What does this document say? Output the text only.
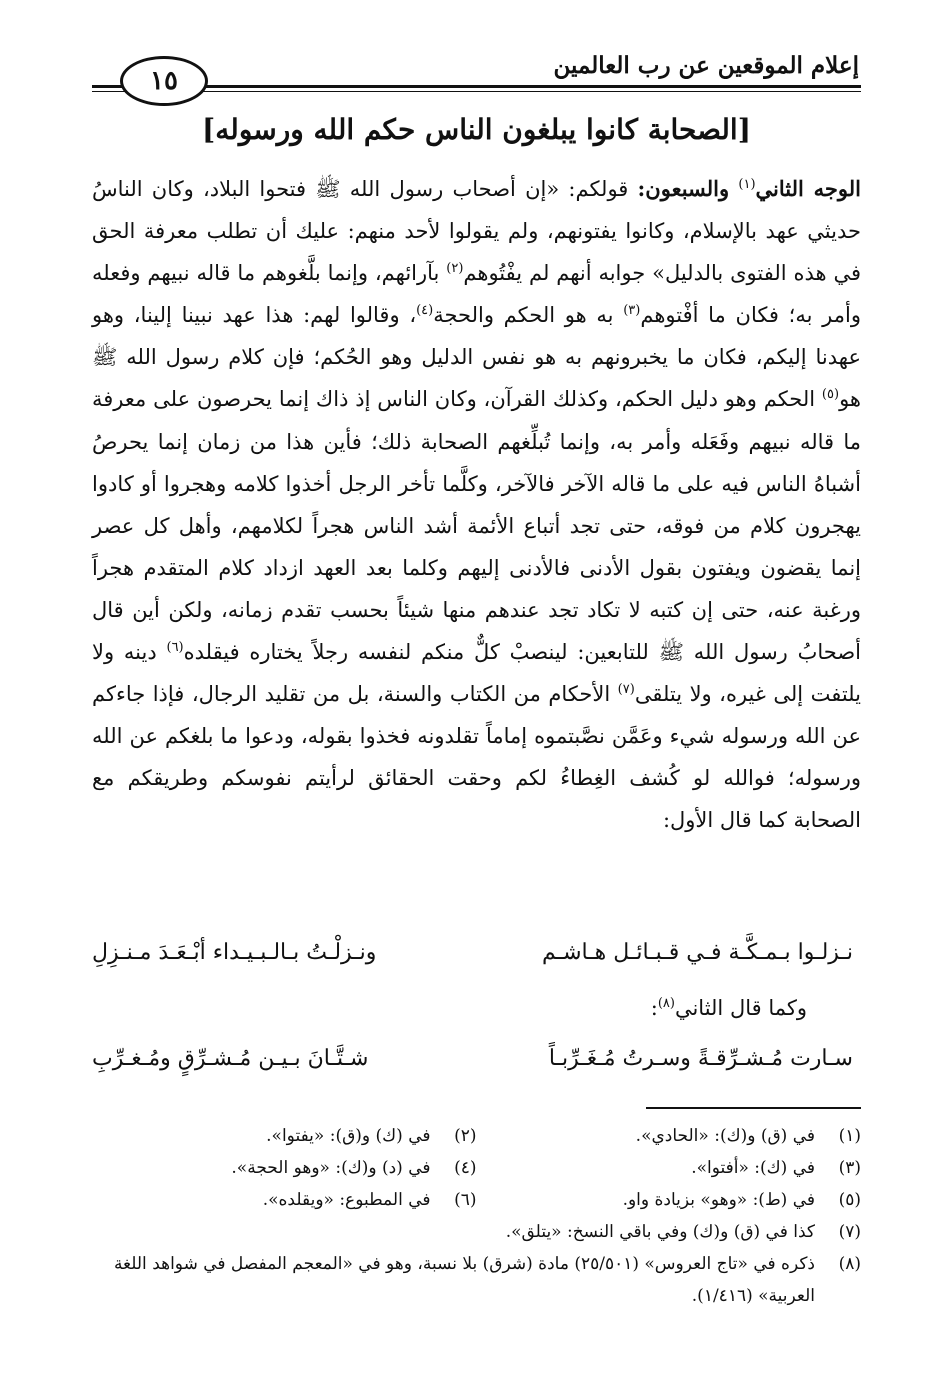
إعلام الموقعين عن رب العالمين
١٥
[الصحابة كانوا يبلغون الناس حكم الله ورسوله]

الوجه الثاني$^{(١)}$ والسبعون: قولكم: «إن أصحاب رسول الله ﷺ فتحوا البلاد، وكان الناسُ حديثي عهد بالإسلام، وكانوا يفتونهم، ولم يقولوا لأحد منهم: عليك أن تطلب معرفة الحق في هذه الفتوى بالدليل» جوابه أنهم لم يفْتُوهم$^{(٢)}$ بآرائهم، وإنما بلَّغوهم ما قاله نبيهم وفعله وأمر به؛ فكان ما أفْتوهم$^{(٣)}$ به هو الحكم والحجة$^{(٤)}$، وقالوا لهم: هذا عهد نبينا إلينا، وهو عهدنا إليكم، فكان ما يخبرونهم به هو نفس الدليل وهو الحُكم؛ فإن كلام رسول الله ﷺ هو$^{(٥)}$ الحكم وهو دليل الحكم، وكذلك القرآن، وكان الناس إذ ذاك إنما يحرصون على معرفة ما قاله نبيهم وفَعَله وأمر به، وإنما تُبلِّغهم الصحابة ذلك؛ فأين هذا من زمان إنما يحرصُ أشباهُ الناس فيه على ما قاله الآخر فالآخر، وكلَّما تأخر الرجل أخذوا كلامه وهجروا أو كادوا يهجرون كلام من فوقه، حتى تجد أتباع الأئمة أشد الناس هجراً لكلامهم، وأهل كل عصر إنما يقضون ويفتون بقول الأدنى فالأدنى إليهم وكلما بعد العهد ازداد كلام المتقدم هجراً ورغبة عنه، حتى إن كتبه لا تكاد تجد عندهم منها شيئاً بحسب تقدم زمانه، ولكن أين قال أصحابُ رسول الله ﷺ للتابعين: لينصبْ كلٌّ منكم لنفسه رجلاً يختاره فيقلده$^{(٦)}$ دينه ولا يلتفت إلى غيره، ولا يتلقى$^{(٧)}$ الأحكام من الكتاب والسنة، بل من تقليد الرجال، فإذا جاءكم عن الله ورسوله شيء وعَمَّن نصَّبتموه إماماً تقلدونه فخذوا بقوله، ودعوا ما بلغكم عن الله ورسوله؛ فوالله لو كُشف الغِطاءُ لكم وحقت الحقائق لرأيتم نفوسكم وطريقكم مع الصحابة كما قال الأول:

نـزلـوا بـمـكَّـة فـي قـبـائـل هـاشـم
ونـزلْـتُ بـالـبـيـداء أبْـعَـدَ مـنـزِلِ
وكما قال الثاني$^{(٨)}$:
سـارت مُـشـرِّقـةً وسـرتُ مُـغَـرِّبـاً
شـتَّـانَ بـيـن مُـشـرِّقٍ ومُـغـرِّبِ
(١)
في (ق) و(ك): «الحادي».
(٢)
في (ك) و(ق): «يفتوا».
(٣)
في (ك): «أفتوا».
(٤)
في (د) و(ك): «وهو الحجة».
(٥)
في (ط): «وهو» بزيادة واو.
(٦)
في المطبوع: «ويقلده».
(٧)
كذا في (ق) و(ك) وفي باقي النسخ: «يتلق».
(٨)
ذكره في «تاج العروس» (٢٥/٥٠١) مادة (شرق) بلا نسبة، وهو في «المعجم المفصل في شواهد اللغة العربية» (١/٤١٦).
